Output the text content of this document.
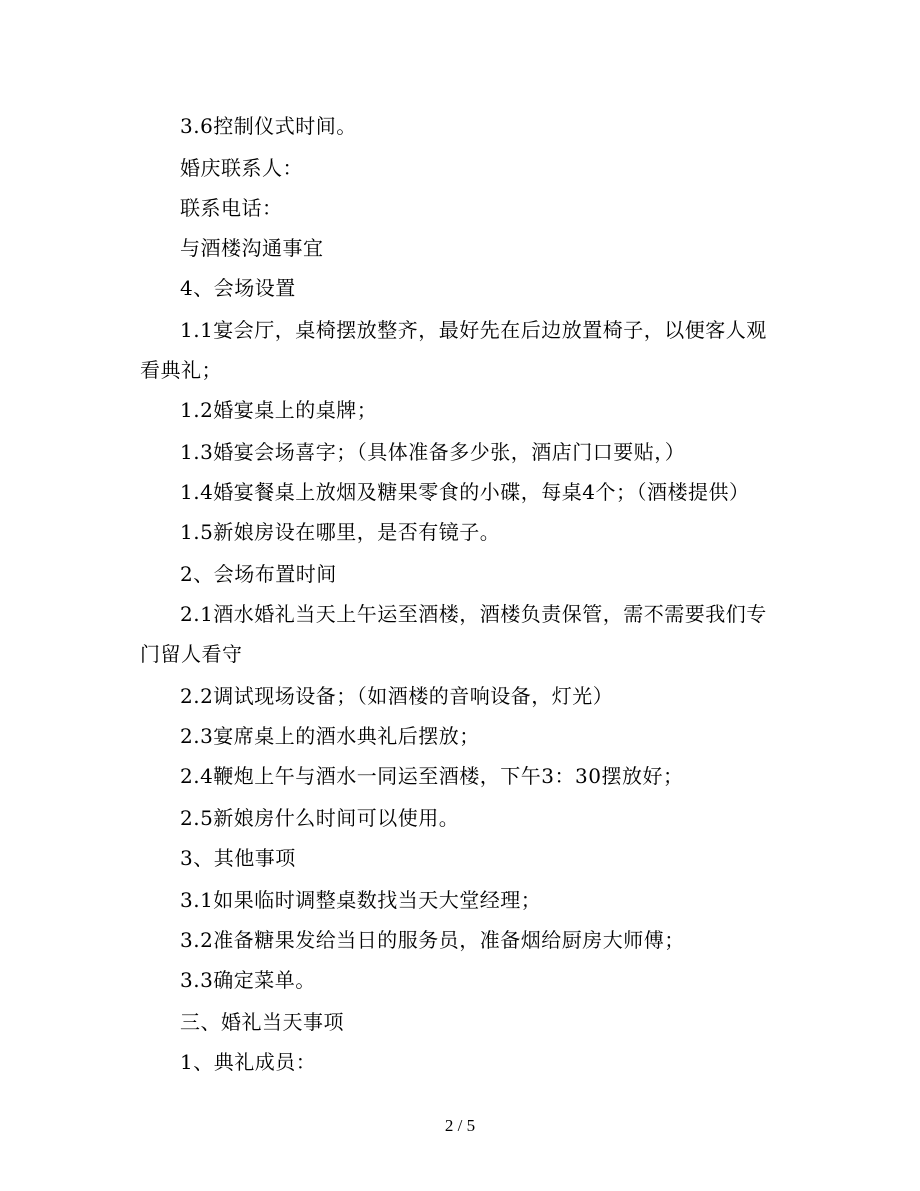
3.6控制仪式时间。
婚庆联系人：
联系电话：
与酒楼沟通事宜
4、会场设置
1.1宴会厅，桌椅摆放整齐，最好先在后边放置椅子，以便客人观
看典礼；
1.2婚宴桌上的桌牌；
1.3婚宴会场喜字；（具体准备多少张，酒店门口要贴，）
1.4婚宴餐桌上放烟及糖果零食的小碟，每桌4个；（酒楼提供）
1.5新娘房设在哪里，是否有镜子。
2、会场布置时间
2.1酒水婚礼当天上午运至酒楼，酒楼负责保管，需不需要我们专
门留人看守
2.2调试现场设备；（如酒楼的音响设备，灯光）
2.3宴席桌上的酒水典礼后摆放；
2.4鞭炮上午与酒水一同运至酒楼，下午3：30摆放好；
2.5新娘房什么时间可以使用。
3、其他事项
3.1如果临时调整桌数找当天大堂经理；
3.2准备糖果发给当日的服务员，准备烟给厨房大师傅；
3.3确定菜单。
三、婚礼当天事项
1、典礼成员：
2 / 5
